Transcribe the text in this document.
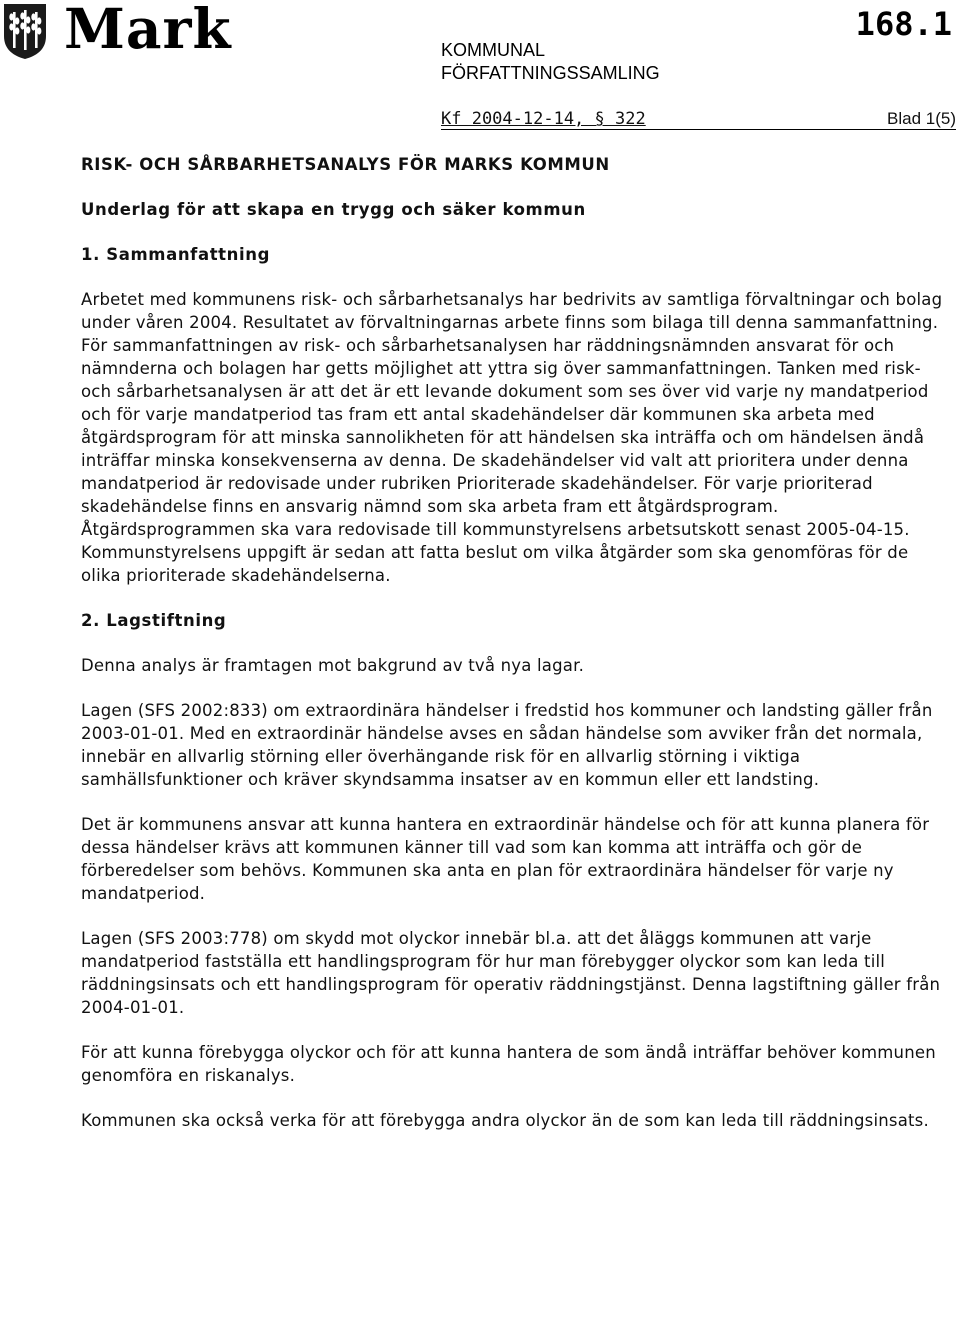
Mark	168.1
KOMMUNAL
FÖRFATTNINGSSAMLING
Kf 2004-12-14, § 322	Blad 1(5)
RISK- OCH SÅRBARHETSANALYS FÖR MARKS KOMMUN
Underlag för att skapa en trygg och säker kommun
1. Sammanfattning

Arbetet med kommunens risk- och sårbarhetsanalys har bedrivits av samtliga förvaltningar och bolag under våren 2004. Resultatet av förvaltningarnas arbete finns som bilaga till denna sammanfattning. För sammanfattningen av risk- och sårbarhetsanalysen har räddningsnämnden ansvarat för och nämnderna och bolagen har getts möjlighet att yttra sig över sammanfattningen. Tanken med risk- och sårbarhetsanalysen är att det är ett levande dokument som ses över vid varje ny mandatperiod och för varje mandatperiod tas fram ett antal skadehändelser där kommunen ska arbeta med åtgärdsprogram för att minska sannolikheten för att händelsen ska inträffa och om händelsen ändå inträffar minska konsekvenserna av denna. De skadehändelser vid valt att prioritera under denna mandatperiod är redovisade under rubriken Prioriterade skadehändelser. För varje prioriterad skadehändelse finns en ansvarig nämnd som ska arbeta fram ett åtgärdsprogram. Åtgärdsprogrammen ska vara redovisade till kommunstyrelsens arbetsutskott senast 2005-04-15. Kommunstyrelsens uppgift är sedan att fatta beslut om vilka åtgärder som ska genomföras för de olika prioriterade skadehändelserna.

2. Lagstiftning

Denna analys är framtagen mot bakgrund av två nya lagar.

Lagen (SFS 2002:833) om extraordinära händelser i fredstid hos kommuner och landsting gäller från 2003-01-01. Med en extraordinär händelse avses en sådan händelse som avviker från det normala, innebär en allvarlig störning eller överhängande risk för en allvarlig störning i viktiga samhällsfunktioner och kräver skyndsamma insatser av en kommun eller ett landsting.

Det är kommunens ansvar att kunna hantera en extraordinär händelse och för att kunna planera för dessa händelser krävs att kommunen känner till vad som kan komma att inträffa och gör de förberedelser som behövs. Kommunen ska anta en plan för extraordinära händelser för varje ny mandatperiod.

Lagen (SFS 2003:778) om skydd mot olyckor innebär bl.a. att det åläggs kommunen att varje mandatperiod fastställa ett handlingsprogram för hur man förebygger olyckor som kan leda till räddningsinsats och ett handlingsprogram för operativ räddningstjänst. Denna lagstiftning gäller från 2004-01-01.

För att kunna förebygga olyckor och för att kunna hantera de som ändå inträffar behöver kommunen genomföra en riskanalys.

Kommunen ska också verka för att förebygga andra olyckor än de som kan leda till räddningsinsats.
